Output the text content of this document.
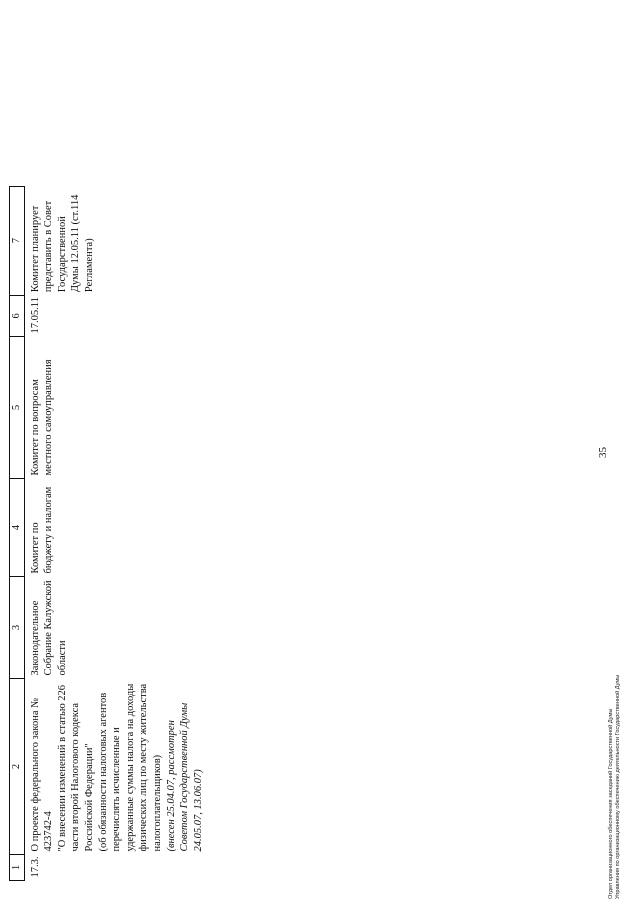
1	2	3	4	5	6	7
17.3.	О проекте федерального закона № 423742-4 "О внесении изменений в статью 226 части второй Налогового кодекса Российской Федерации" (об обязанности налоговых агентов перечислять исчисленные и удержанные суммы налога на доходы физических лиц по месту жительства налогоплательщиков) (внесен 25.04.07, рассмотрен Советом Государственной Думы 24.05.07, 13.06.07)	Законодательное Собрание Калужской области	Комитет по бюджету и налогам	Комитет по вопросам местного самоуправления	17.05.11	Комитет планирует представить в Совет Государственной Думы 12.05.11 (ст.114 Регламента)
35
Отдел организационного обеспечения заседаний Государственной Думы Управления по организационному обеспечению деятельности Государственной Думы
